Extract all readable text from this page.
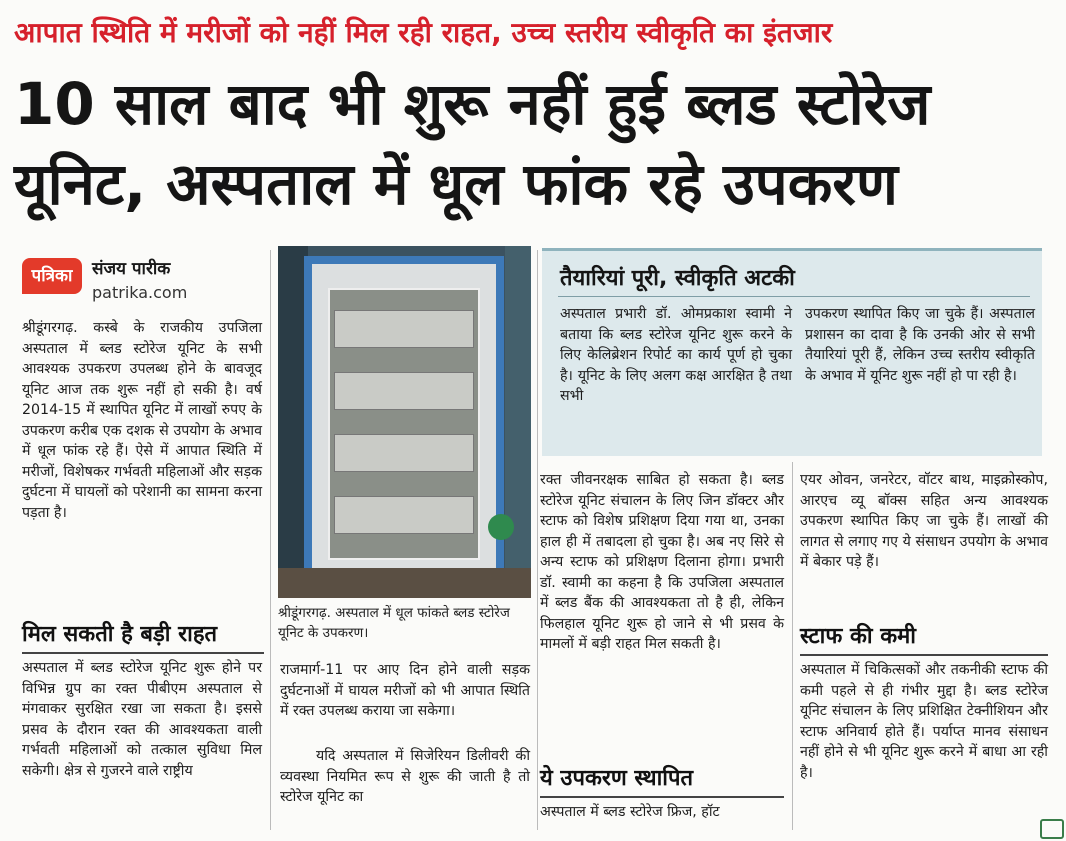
आपात स्थिति में मरीजों को नहीं मिल रही राहत, उच्च स्तरीय स्वीकृति का इंतजार
10 साल बाद भी शुरू नहीं हुई ब्लड स्टोरेज
यूनिट, अस्पताल में धूल फांक रहे उपकरण
पत्रिका	संजय पारीक
patrika.com
श्रीडूंगरगढ़. कस्बे के राजकीय उपजिला अस्पताल में ब्लड स्टोरेज यूनिट के सभी आवश्यक उपकरण उपलब्ध होने के बावजूद यूनिट आज तक शुरू नहीं हो सकी है। वर्ष 2014-15 में स्थापित यूनिट में लाखों रुपए के उपकरण करीब एक दशक से उपयोग के अभाव में धूल फांक रहे हैं। ऐसे में आपात स्थिति में मरीजों, विशेषकर गर्भवती महिलाओं और सड़क दुर्घटना में घायलों को परेशानी का सामना करना पड़ता है।
मिल सकती है बड़ी राहत
अस्पताल में ब्लड स्टोरेज यूनिट शुरू होने पर विभिन्न ग्रुप का रक्त पीबीएम अस्पताल से मंगवाकर सुरक्षित रखा जा सकता है। इससे प्रसव के दौरान रक्त की आवश्यकता वाली गर्भवती महिलाओं को तत्काल सुविधा मिल सकेगी। क्षेत्र से गुजरने वाले राष्ट्रीय
श्रीडूंगरगढ़. अस्पताल में धूल फांकते ब्लड स्टोरेज यूनिट के उपकरण।
राजमार्ग-11 पर आए दिन होने वाली सड़क दुर्घटनाओं में घायल मरीजों को भी आपात स्थिति में रक्त उपलब्ध कराया जा सकेगा।
यदि अस्पताल में सिजेरियन डिलीवरी की व्यवस्था नियमित रूप से शुरू की जाती है तो स्टोरेज यूनिट का
तैयारियां पूरी, स्वीकृति अटकी
अस्पताल प्रभारी डॉ. ओमप्रकाश स्वामी ने बताया कि ब्लड स्टोरेज यूनिट शुरू करने के लिए केलिब्रेशन रिपोर्ट का कार्य पूर्ण हो चुका है। यूनिट के लिए अलग कक्ष आरक्षित है तथा सभी
उपकरण स्थापित किए जा चुके हैं। अस्पताल प्रशासन का दावा है कि उनकी ओर से सभी तैयारियां पूरी हैं, लेकिन उच्च स्तरीय स्वीकृति के अभाव में यूनिट शुरू नहीं हो पा रही है।
रक्त जीवनरक्षक साबित हो सकता है। ब्लड स्टोरेज यूनिट संचालन के लिए जिन डॉक्टर और स्टाफ को विशेष प्रशिक्षण दिया गया था, उनका हाल ही में तबादला हो चुका है। अब नए सिरे से अन्य स्टाफ को प्रशिक्षण दिलाना होगा। प्रभारी डॉ. स्वामी का कहना है कि उपजिला अस्पताल में ब्लड बैंक की आवश्यकता तो है ही, लेकिन फिलहाल यूनिट शुरू हो जाने से भी प्रसव के मामलों में बड़ी राहत मिल सकती है।
ये उपकरण स्थापित
अस्पताल में ब्लड स्टोरेज फ्रिज, हॉट
एयर ओवन, जनरेटर, वॉटर बाथ, माइक्रोस्कोप, आरएच व्यू बॉक्स सहित अन्य आवश्यक उपकरण स्थापित किए जा चुके हैं। लाखों की लागत से लगाए गए ये संसाधन उपयोग के अभाव में बेकार पड़े हैं।
स्टाफ की कमी
अस्पताल में चिकित्सकों और तकनीकी स्टाफ की कमी पहले से ही गंभीर मुद्दा है। ब्लड स्टोरेज यूनिट संचालन के लिए प्रशिक्षित टेक्नीशियन और स्टाफ अनिवार्य होते हैं। पर्याप्त मानव संसाधन नहीं होने से भी यूनिट शुरू करने में बाधा आ रही है।
